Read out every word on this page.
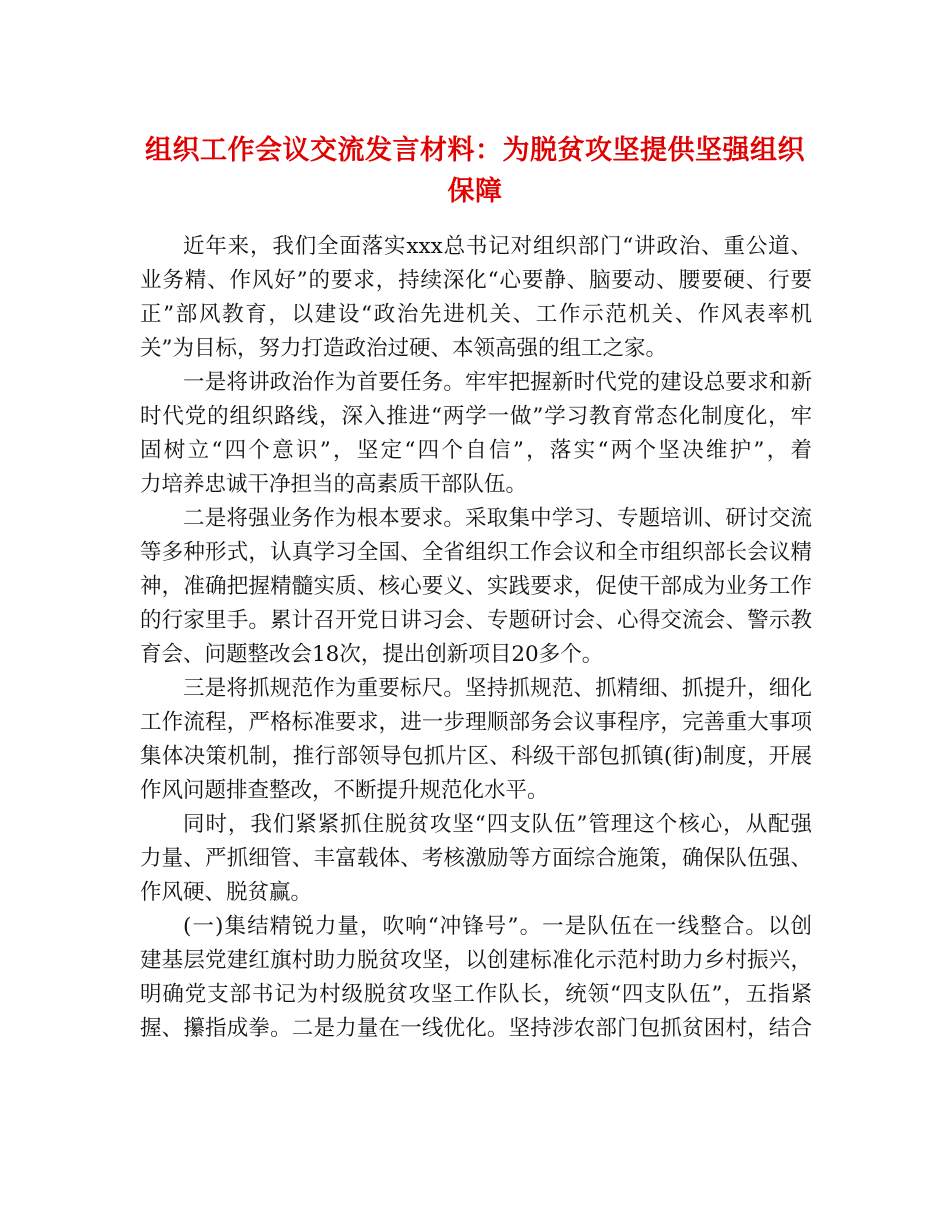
组织工作会议交流发言材料：为脱贫攻坚提供坚强组织
保障
近年来，我们全面落实xxx总书记对组织部门“讲政治、重公道、
业务精、作风好”的要求，持续深化“心要静、脑要动、腰要硬、行要
正”部风教育，以建设“政治先进机关、工作示范机关、作风表率机
关”为目标，努力打造政治过硬、本领高强的组工之家。
一是将讲政治作为首要任务。牢牢把握新时代党的建设总要求和新
时代党的组织路线，深入推进“两学一做”学习教育常态化制度化，牢
固树立“四个意识”，坚定“四个自信”，落实“两个坚决维护”，着
力培养忠诚干净担当的高素质干部队伍。
二是将强业务作为根本要求。采取集中学习、专题培训、研讨交流
等多种形式，认真学习全国、全省组织工作会议和全市组织部长会议精
神，准确把握精髓实质、核心要义、实践要求，促使干部成为业务工作
的行家里手。累计召开党日讲习会、专题研讨会、心得交流会、警示教
育会、问题整改会18次，提出创新项目20多个。
三是将抓规范作为重要标尺。坚持抓规范、抓精细、抓提升，细化
工作流程，严格标准要求，进一步理顺部务会议事程序，完善重大事项
集体决策机制，推行部领导包抓片区、科级干部包抓镇(街)制度，开展
作风问题排查整改，不断提升规范化水平。
同时，我们紧紧抓住脱贫攻坚“四支队伍”管理这个核心，从配强
力量、严抓细管、丰富载体、考核激励等方面综合施策，确保队伍强、
作风硬、脱贫赢。
(一)集结精锐力量，吹响“冲锋号”。一是队伍在一线整合。以创
建基层党建红旗村助力脱贫攻坚，以创建标准化示范村助力乡村振兴，
明确党支部书记为村级脱贫攻坚工作队长，统领“四支队伍”，五指紧
握、攥指成拳。二是力量在一线优化。坚持涉农部门包抓贫困村，结合
